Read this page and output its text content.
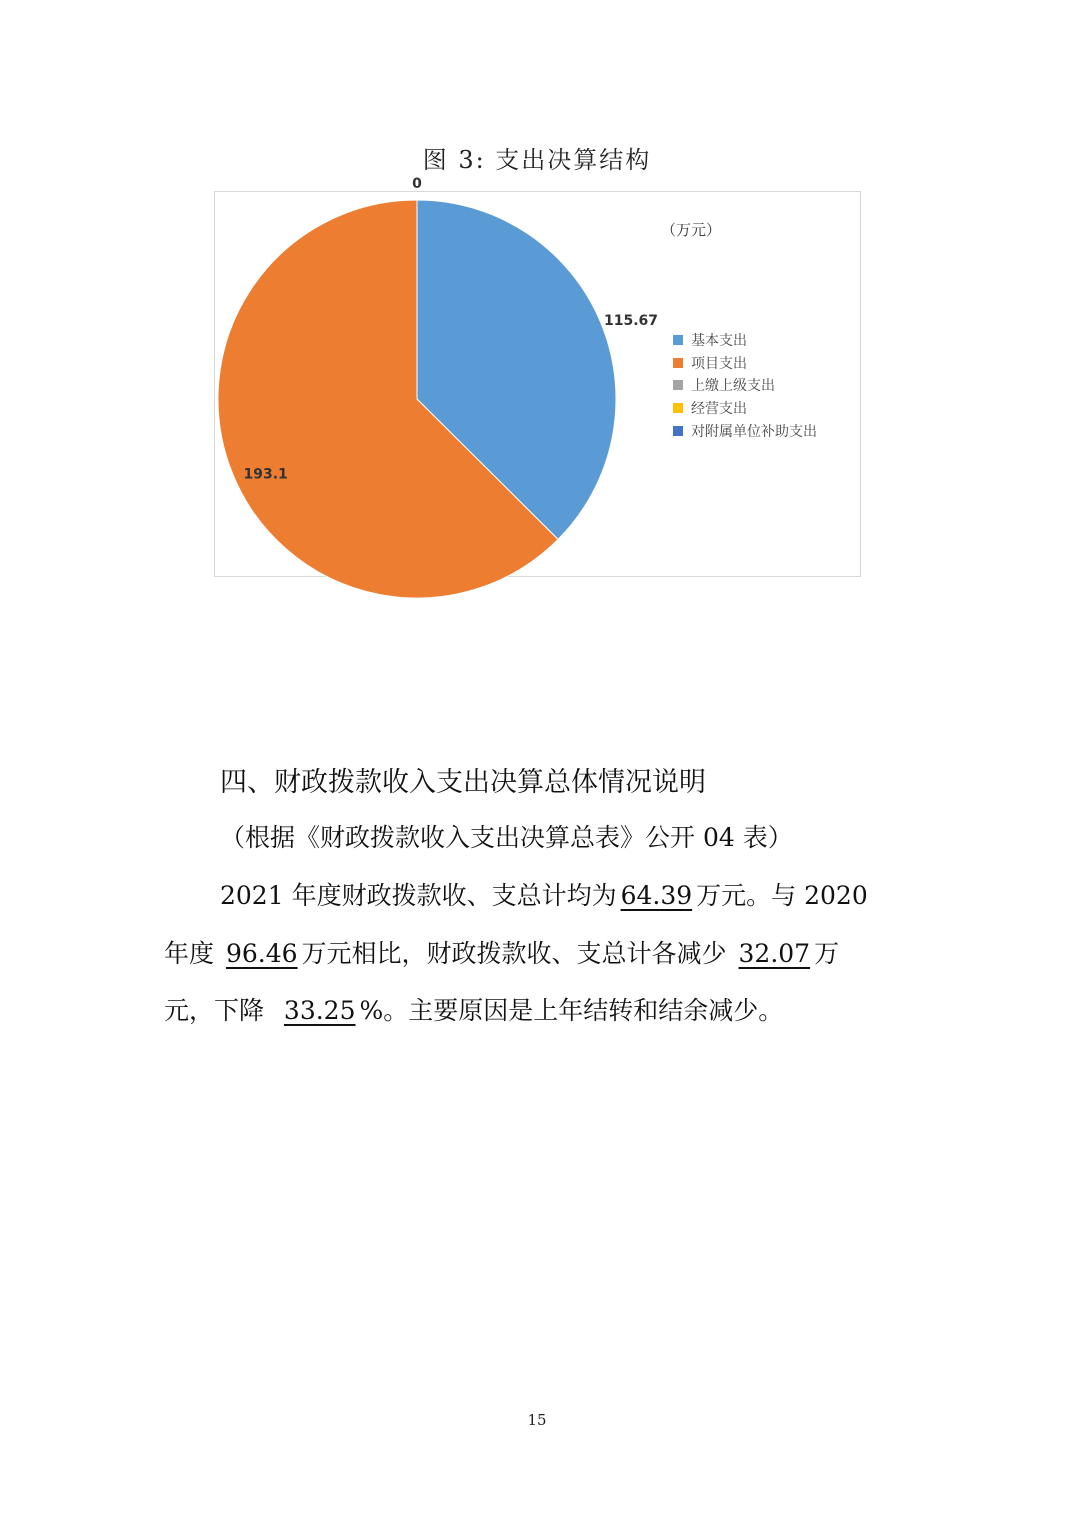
图 3: 支出决算结构
115.67
193.1
0
（万元）
基本支出
项目支出
上缴上级支出
经营支出
对附属单位补助支出
四、财政拨款收入支出决算总体情况说明
（根据《财政拨款收入支出决算总表》公开 04 表）
2021 年度财政拨款收、支总计均为 64.39 万元。与 2020
年度 96.46 万元相比，财政拨款收、支总计各减少 32.07 万
元，下降 33.25 %。主要原因是上年结转和结余减少。
15
